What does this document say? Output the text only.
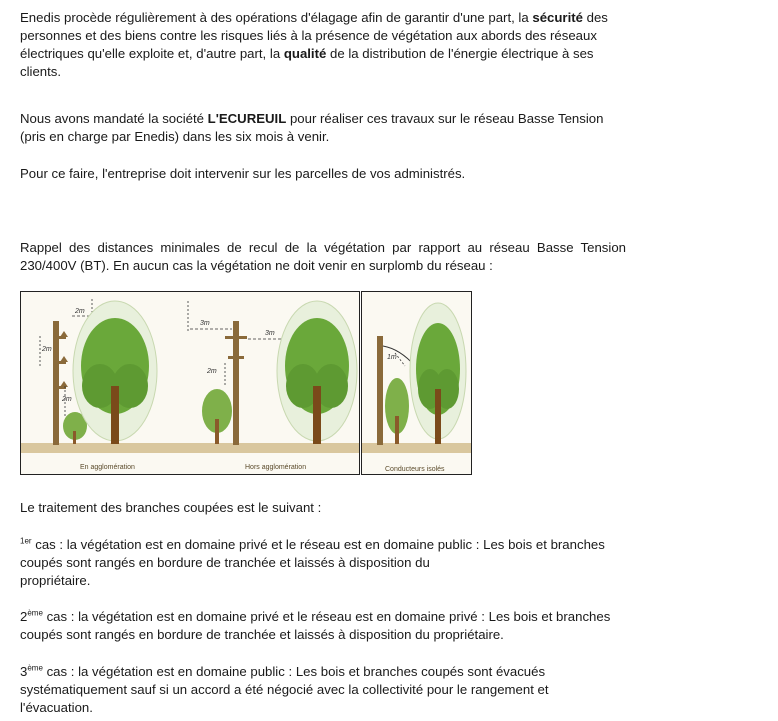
Enedis procède régulièrement à des opérations d'élagage afin de garantir d'une part, la sécurité des personnes et des biens contre les risques liés à la présence de végétation aux abords des réseaux électriques qu'elle exploite et, d'autre part, la qualité de la distribution de l'énergie électrique à ses clients.

Nous avons mandaté la société L'ECUREUIL pour réaliser ces travaux sur le réseau Basse Tension (pris en charge par Enedis) dans les six mois à venir.

Pour ce faire, l'entreprise doit intervenir sur les parcelles de vos administrés.

Rappel des distances minimales de recul de la végétation par rapport au réseau Basse Tension 230/400V (BT). En aucun cas la végétation ne doit venir en surplomb du réseau :

2m
2m
2m
En agglomération
3m
3m
2m
Hors agglomération
1m
Conducteurs isolés

Le traitement des branches coupées est le suivant :

$^{1er}$ cas : la végétation est en domaine privé et le réseau est en domaine public : Les bois et branches coupés sont rangés en bordure de tranchée et laissés à disposition du
propriétaire.

2ème cas : la végétation est en domaine privé et le réseau est en domaine privé : Les bois et branches coupés sont rangés en bordure de tranchée et laissés à disposition du propriétaire.

3ème cas : la végétation est en domaine public : Les bois et branches coupés sont évacués systématiquement sauf si un accord a été négocié avec la collectivité pour le rangement et l'évacuation.
